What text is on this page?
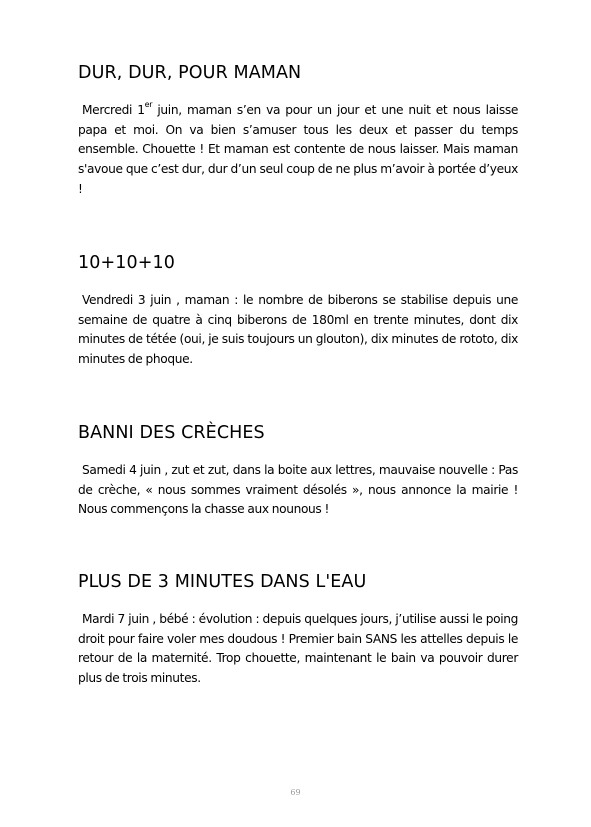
DUR, DUR, POUR MAMAN

Mercredi 1er juin, maman s’en va pour un jour et une nuit et nous laisse papa et moi. On va bien s’amuser tous les deux et passer du temps ensemble. Chouette ! Et maman est contente de nous laisser. Mais maman s'avoue que c’est dur, dur d’un seul coup de ne plus m’avoir à portée d’yeux !

10+10+10

Vendredi 3 juin , maman : le nombre de biberons se stabilise depuis une semaine de quatre à cinq biberons de 180ml en trente minutes, dont dix minutes de tétée (oui, je suis toujours un glouton), dix minutes de rototo, dix minutes de phoque.

BANNI DES CRÈCHES

Samedi 4 juin , zut et zut, dans la boite aux lettres, mauvaise nouvelle : Pas de crèche, « nous sommes vraiment désolés », nous annonce la mairie ! Nous commençons la chasse aux nounous !

PLUS DE 3 MINUTES DANS L'EAU

Mardi 7 juin , bébé : évolution : depuis quelques jours, j’utilise aussi le poing droit pour faire voler mes doudous ! Premier bain SANS les attelles depuis le retour de la maternité. Trop chouette, maintenant le bain va pouvoir durer plus de trois minutes.

69
